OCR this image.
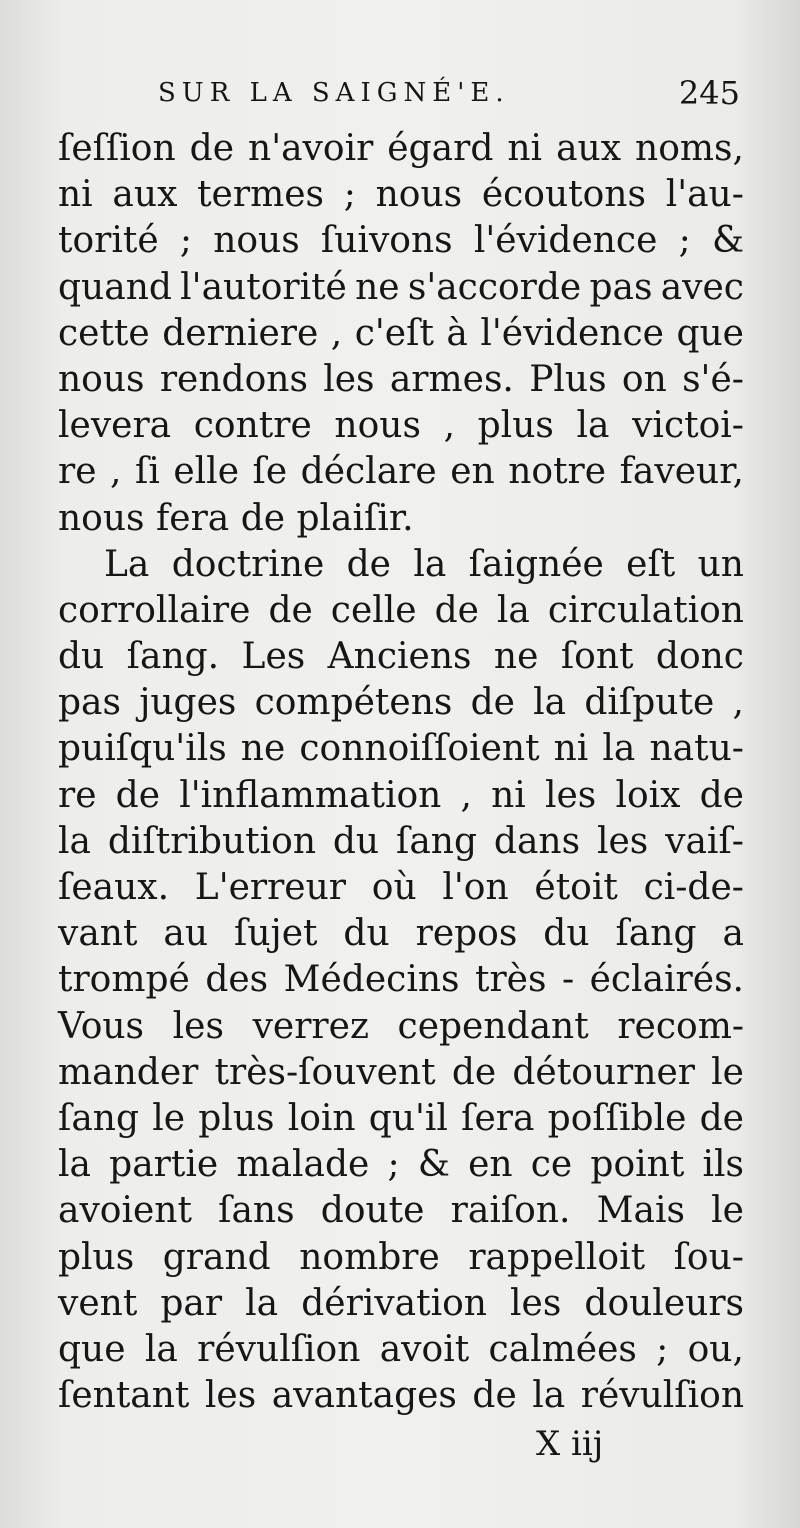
SUR LA SAIGNÉ'E.	245
ſeſſion de n'avoir égard ni aux noms,
ni aux termes ; nous écoutons l'au-
torité ; nous ſuivons l'évidence ; &
quand l'autorité ne s'accorde pas avec
cette derniere , c'eſt à l'évidence que
nous rendons les armes. Plus on s'é-
levera contre nous , plus la victoi-
re , ſi elle ſe déclare en notre faveur,
nous fera de plaiſir.
La doctrine de la ſaignée eſt un
corrollaire de celle de la circulation
du ſang. Les Anciens ne ſont donc
pas juges compétens de la diſpute ,
puiſqu'ils ne connoiſſoient ni la natu-
re de l'inflammation , ni les loix de
la diſtribution du ſang dans les vaiſ-
ſeaux. L'erreur où l'on étoit ci-de-
vant au ſujet du repos du ſang a
trompé des Médecins très - éclairés.
Vous les verrez cependant recom-
mander très-ſouvent de détourner le
ſang le plus loin qu'il ſera poſſible de
la partie malade ; & en ce point ils
avoient ſans doute raiſon. Mais le
plus grand nombre rappelloit ſou-
vent par la dérivation les douleurs
que la révulſion avoit calmées ; ou,
ſentant les avantages de la révulſion
X iij
